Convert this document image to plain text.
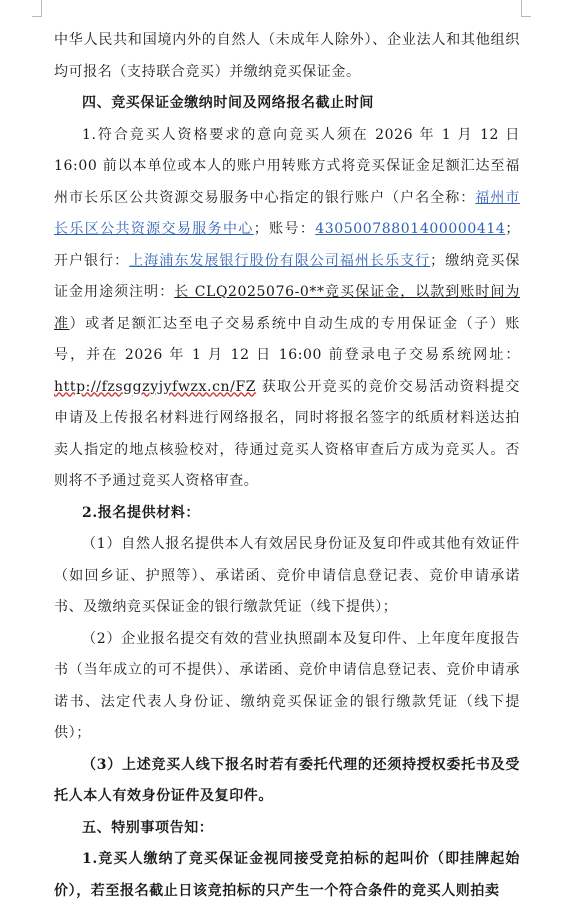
中华人民共和国境内外的自然人（未成年人除外）、企业法人和其他组织均可报名（支持联合竞买）并缴纳竞买保证金。

四、竞买保证金缴纳时间及网络报名截止时间

1.符合竞买人资格要求的意向竞买人须在 2026 年 1 月 12 日 16:00 前以本单位或本人的账户用转账方式将竞买保证金足额汇达至福州市长乐区公共资源交易服务中心指定的银行账户（户名全称：福州市长乐区公共资源交易服务中心；账号：43050078801400000414；开户银行：上海浦东发展银行股份有限公司福州长乐支行；缴纳竞买保证金用途须注明：长 CLQ2025076-0**竞买保证金，以款到账时间为准）或者足额汇达至电子交易系统中自动生成的专用保证金（子）账号，并在 2026 年 1 月 12 日 16:00 前登录电子交易系统网址：http://fzsggzyjyfwzx.cn/FZ 获取公开竞买的竞价交易活动资料提交申请及上传报名材料进行网络报名，同时将报名签字的纸质材料送达拍卖人指定的地点核验校对，待通过竞买人资格审查后方成为竞买人。否则将不予通过竞买人资格审查。

2.报名提供材料：

（1）自然人报名提供本人有效居民身份证及复印件或其他有效证件（如回乡证、护照等）、承诺函、竞价申请信息登记表、竞价申请承诺书、及缴纳竞买保证金的银行缴款凭证（线下提供）；

（2）企业报名提交有效的营业执照副本及复印件、上年度年度报告书（当年成立的可不提供）、承诺函、竞价申请信息登记表、竞价申请承诺书、法定代表人身份证、缴纳竞买保证金的银行缴款凭证（线下提供）；

（3）上述竞买人线下报名时若有委托代理的还须持授权委托书及受托人本人有效身份证件及复印件。

五、特别事项告知：

1.竞买人缴纳了竞买保证金视同接受竞拍标的起叫价（即挂牌起始价），若至报名截止日该竞拍标的只产生一个符合条件的竞买人则拍卖
